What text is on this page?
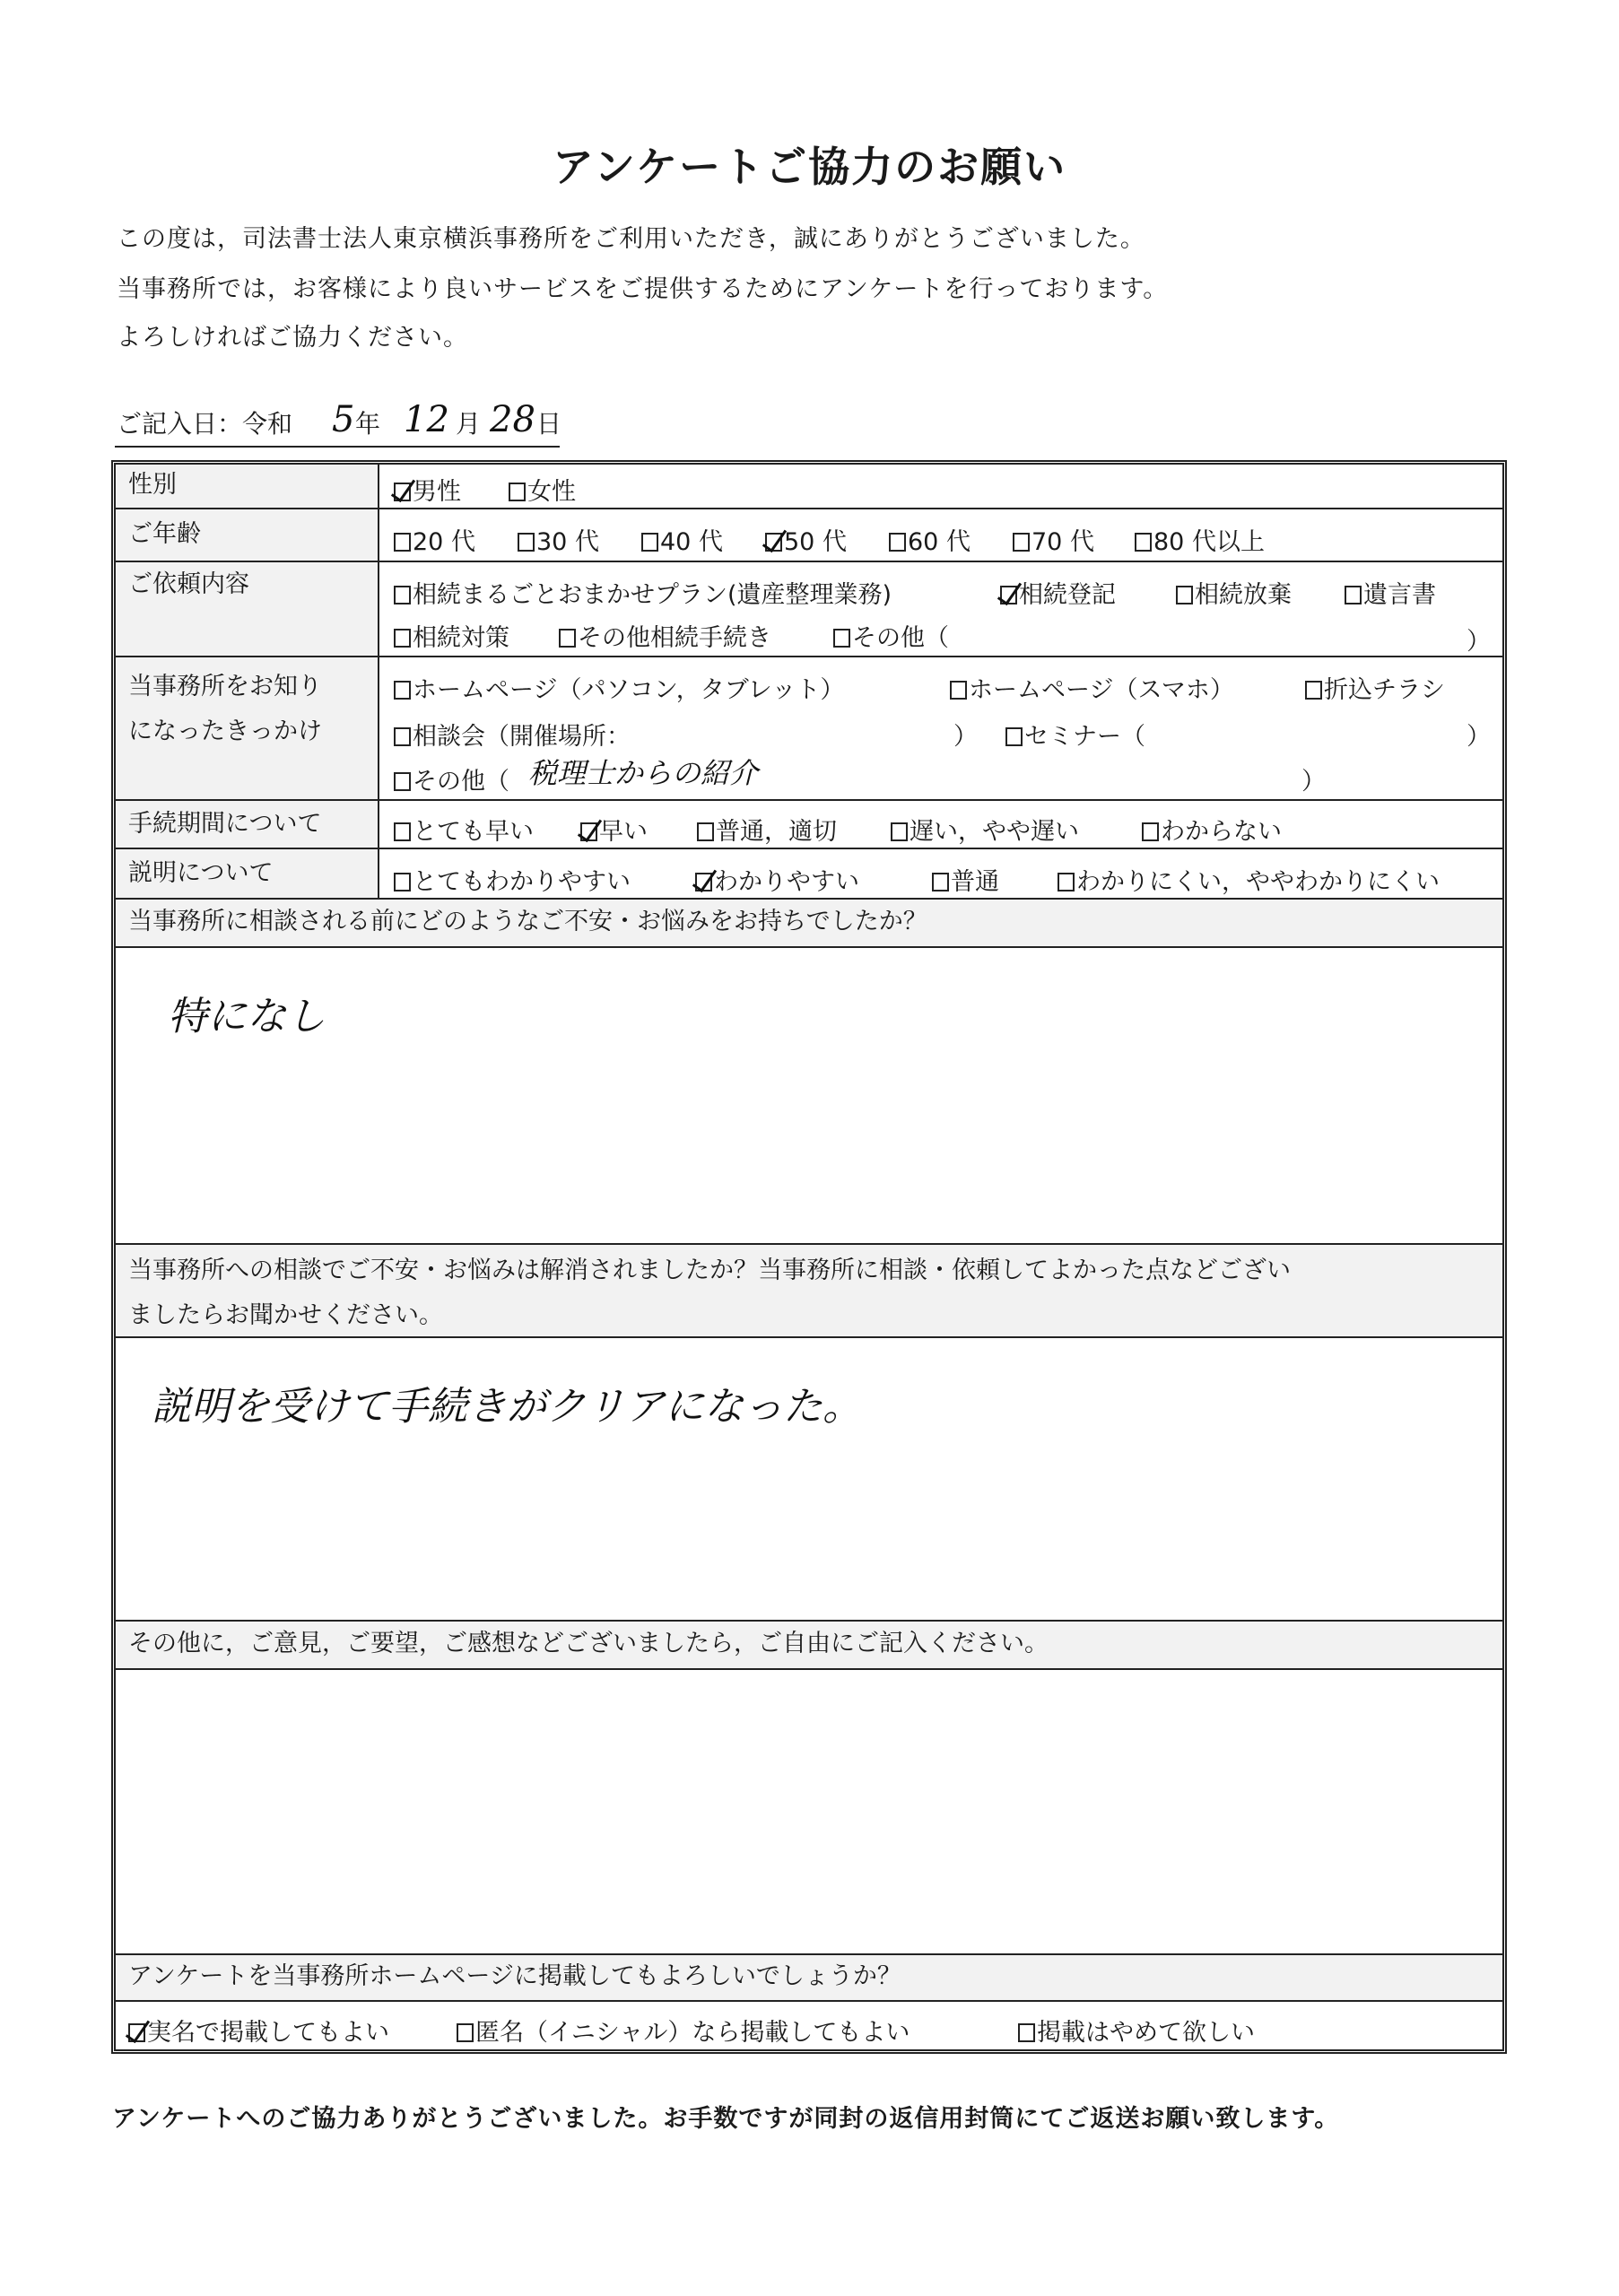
アンケートご協力のお願い
この度は，司法書士法人東京横浜事務所をご利用いただき，誠にありがとうございました。
当事務所では，お客様により良いサービスをご提供するためにアンケートを行っております。
よろしければご協力ください。
ご記入日：令和 5 年 12 月 28 日
性別	男性	女性
ご年齢	20 代	30 代	40 代	50 代	60 代	70 代	80 代以上
ご依頼内容	相続まるごとおまかせプラン(遺産整理業務)	相続登記	相続放棄	遺言書
相続対策	その他相続手続き	その他（	）
当事務所をお知り
になったきっかけ
ホームページ（パソコン，タブレット）	ホームページ（スマホ）	折込チラシ
相談会（開催場所：	）	セミナー（	）
その他（ 税理士からの紹介	）
手続期間について	とても早い	早い	普通，適切	遅い，やや遅い	わからない
説明について	とてもわかりやすい	わかりやすい	普通	わかりにくい，ややわかりにくい
当事務所に相談される前にどのようなご不安・お悩みをお持ちでしたか？
特になし
当事務所への相談でご不安・お悩みは解消されましたか？当事務所に相談・依頼してよかった点などござい
ましたらお聞かせください。
説明を受けて手続きがクリアになった。
その他に，ご意見，ご要望，ご感想などございましたら，ご自由にご記入ください。
アンケートを当事務所ホームページに掲載してもよろしいでしょうか？
実名で掲載してもよい	匿名（イニシャル）なら掲載してもよい	掲載はやめて欲しい
アンケートへのご協力ありがとうございました。お手数ですが同封の返信用封筒にてご返送お願い致します。
